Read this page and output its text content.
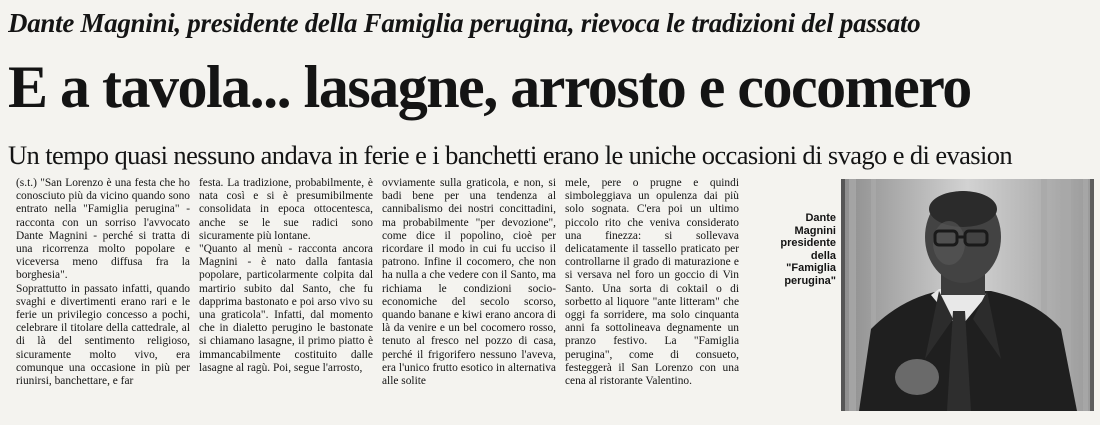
Dante Magnini, presidente della Famiglia perugina, rievoca le tradizioni del passato
E a tavola... lasagne, arrosto e cocomero
Un tempo quasi nessuno andava in ferie e i banchetti erano le uniche occasioni di svago e di evasion

(s.t.) "San Lorenzo è una festa che ho conosciuto più da vicino quando sono entrato nella "Famiglia perugina" - racconta con un sorriso l'avvocato Dante Magnini - perché si tratta di una ricorrenza molto popolare e viceversa meno diffusa fra la borghesia".

Soprattutto in passato infatti, quando svaghi e divertimenti erano rari e le ferie un privilegio concesso a pochi, celebrare il titolare della cattedrale, al di là del sentimento religioso, sicuramente molto vivo, era comunque una occasione in più per riunirsi, banchettare, e far

festa. La tradizione, probabilmente, è nata così e si è presumibilmente consolidata in epoca ottocentesca, anche se le sue radici sono sicuramente più lontane.

"Quanto al menù - racconta ancora Magnini - è nato dalla fantasia popolare, particolarmente colpita dal martirio subito dal Santo, che fu dapprima bastonato e poi arso vivo su una graticola". Infatti, dal momento che in dialetto perugino le bastonate si chiamano lasagne, il primo piatto è immancabilmente costituito dalle lasagne al ragù. Poi, segue l'arrosto,

ovviamente sulla graticola, e non, si badi bene per una tendenza al cannibalismo dei nostri concittadini, ma probabilmente "per devozione", come dice il popolino, cioè per ricordare il modo in cui fu ucciso il patrono. Infine il cocomero, che non ha nulla a che vedere con il Santo, ma richiama le condizioni socio-economiche del secolo scorso, quando banane e kiwi erano ancora di là da venire e un bel cocomero rosso, tenuto al fresco nel pozzo di casa, perché il frigorifero nessuno l'aveva, era l'unico frutto esotico in alternativa alle solite

mele, pere o prugne e quindi simboleggiava un opulenza dai più solo sognata. C'era poi un ultimo piccolo rito che veniva considerato una finezza: si sollevava delicatamente il tassello praticato per controllarne il grado di maturazione e si versava nel foro un goccio di Vin Santo. Una sorta di coktail o di sorbetto al liquore "ante litteram" che oggi fa sorridere, ma solo cinquanta anni fa sottolineava degnamente un pranzo festivo. La "Famiglia perugina", come di consueto, festeggerà il San Lorenzo con una cena al ristorante Valentino.

Dante
Magnini
presidente
della
"Famiglia
perugina"
